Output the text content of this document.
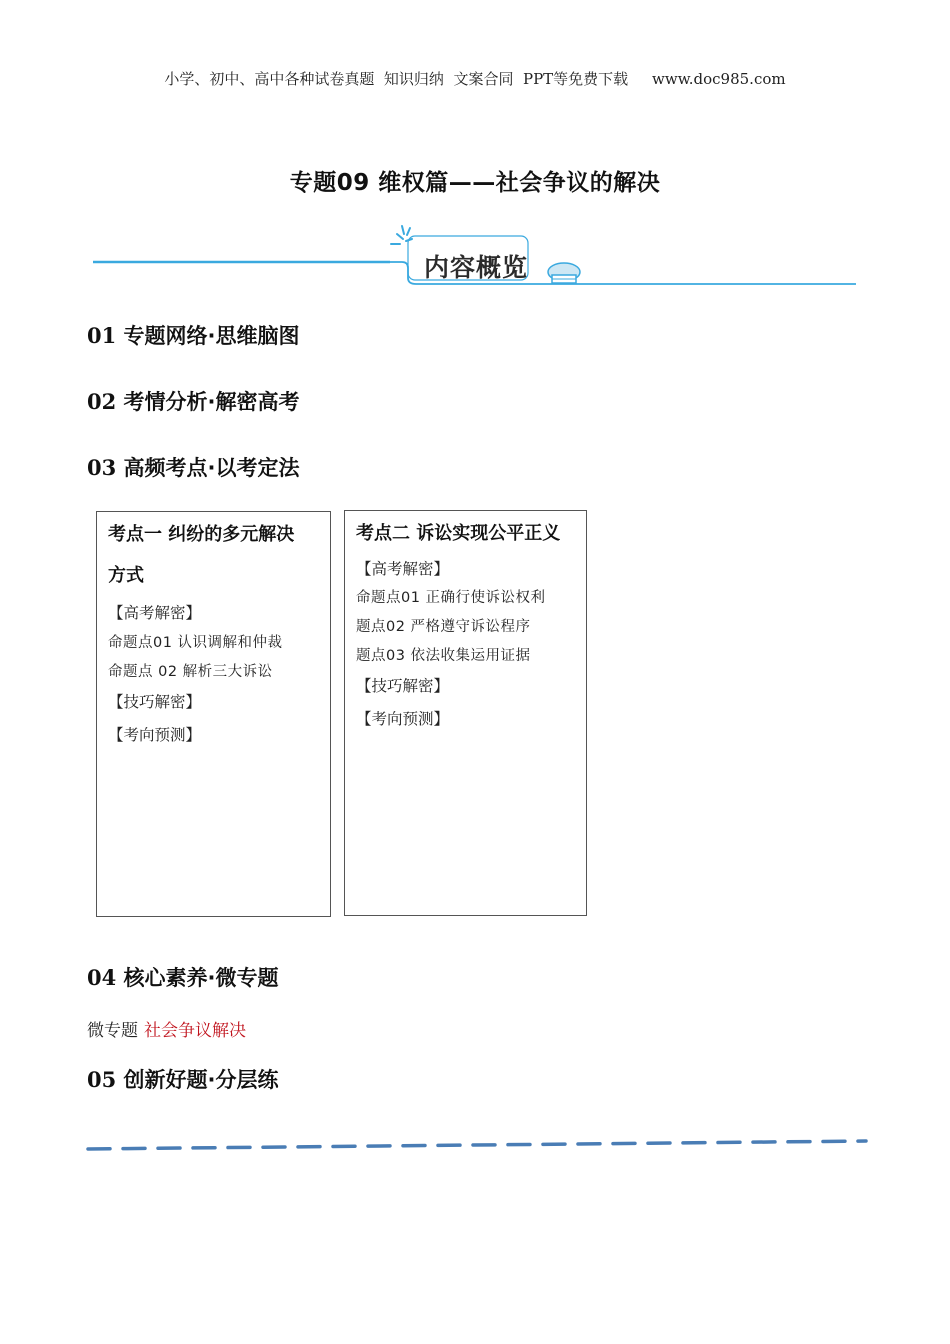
小学、初中、高中各种试卷真题  知识归纳  文案合同  PPT等免费下载     www.doc985.com
专题09 维权篇——社会争议的解决
内容概览
01 专题网络·思维脑图
02 考情分析·解密高考
03 高频考点·以考定法
考点一 纠纷的多元解决
方式
【高考解密】
命题点01 认识调解和仲裁
命题点 02 解析三大诉讼
【技巧解密】
【考向预测】
考点二 诉讼实现公平正义
【高考解密】
命题点01 正确行使诉讼权利
题点02 严格遵守诉讼程序
题点03 依法收集运用证据
【技巧解密】
【考向预测】
04 核心素养·微专题
微专题 社会争议解决
05 创新好题·分层练
